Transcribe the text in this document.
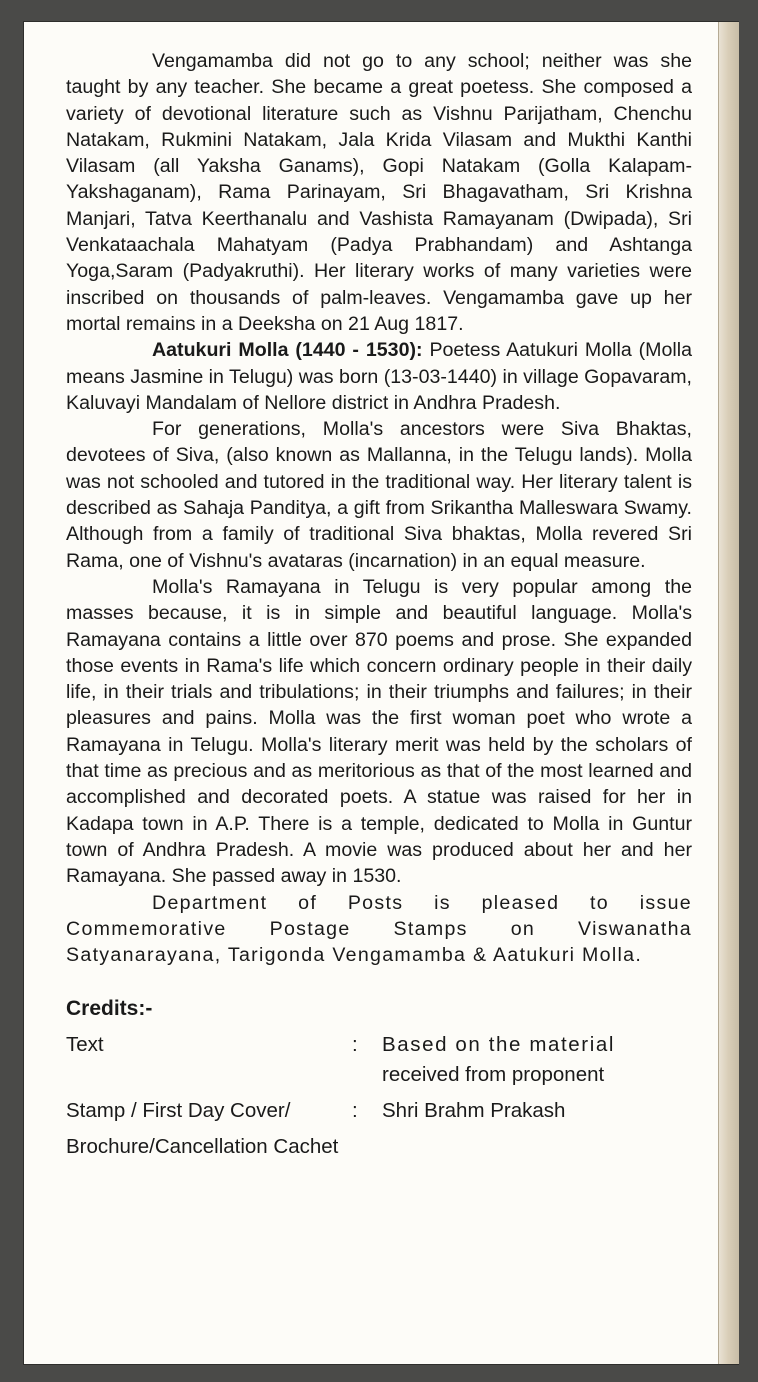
Vengamamba did not go to any school; neither was she taught by any teacher. She became a great poetess. She composed a variety of devotional literature such as Vishnu Parijatham, Chenchu Natakam, Rukmini Natakam, Jala Krida Vilasam and Mukthi Kanthi Vilasam (all Yaksha Ganams), Gopi Natakam (Golla Kalapam-Yakshaganam), Rama Parinayam, Sri Bhagavatham, Sri Krishna Manjari, Tatva Keerthanalu and Vashista Ramayanam (Dwipada), Sri Venkataachala Mahatyam (Padya Prabhandam) and Ashtanga Yoga,Saram (Padyakruthi). Her literary works of many varieties were inscribed on thousands of palm-leaves. Vengamamba gave up her mortal remains in a Deeksha on 21 Aug 1817.

Aatukuri Molla (1440 - 1530): Poetess Aatukuri Molla (Molla means Jasmine in Telugu) was born (13-03-1440) in village Gopavaram, Kaluvayi Mandalam of Nellore district in Andhra Pradesh.

For generations, Molla's ancestors were Siva Bhaktas, devotees of Siva, (also known as Mallanna, in the Telugu lands). Molla was not schooled and tutored in the traditional way. Her literary talent is described as Sahaja Panditya, a gift from Srikantha Malleswara Swamy. Although from a family of traditional Siva bhaktas, Molla revered Sri Rama, one of Vishnu's avataras (incarnation) in an equal measure.

Molla's Ramayana in Telugu is very popular among the masses because, it is in simple and beautiful language. Molla's Ramayana contains a little over 870 poems and prose. She expanded those events in Rama's life which concern ordinary people in their daily life, in their trials and tribulations; in their triumphs and failures; in their pleasures and pains. Molla was the first woman poet who wrote a Ramayana in Telugu. Molla's literary merit was held by the scholars of that time as precious and as meritorious as that of the most learned and accomplished and decorated poets. A statue was raised for her in Kadapa town in A.P. There is a temple, dedicated to Molla in Guntur town of Andhra Pradesh. A movie was produced about her and her Ramayana. She passed away in 1530.

Department of Posts is pleased to issue Commemorative Postage Stamps on Viswanatha Satyanarayana, Tarigonda Vengamamba & Aatukuri Molla.

Credits:-
Text	:	Based on the material
received from proponent
Stamp / First Day Cover/	:	Shri Brahm Prakash
Brochure/Cancellation Cachet
